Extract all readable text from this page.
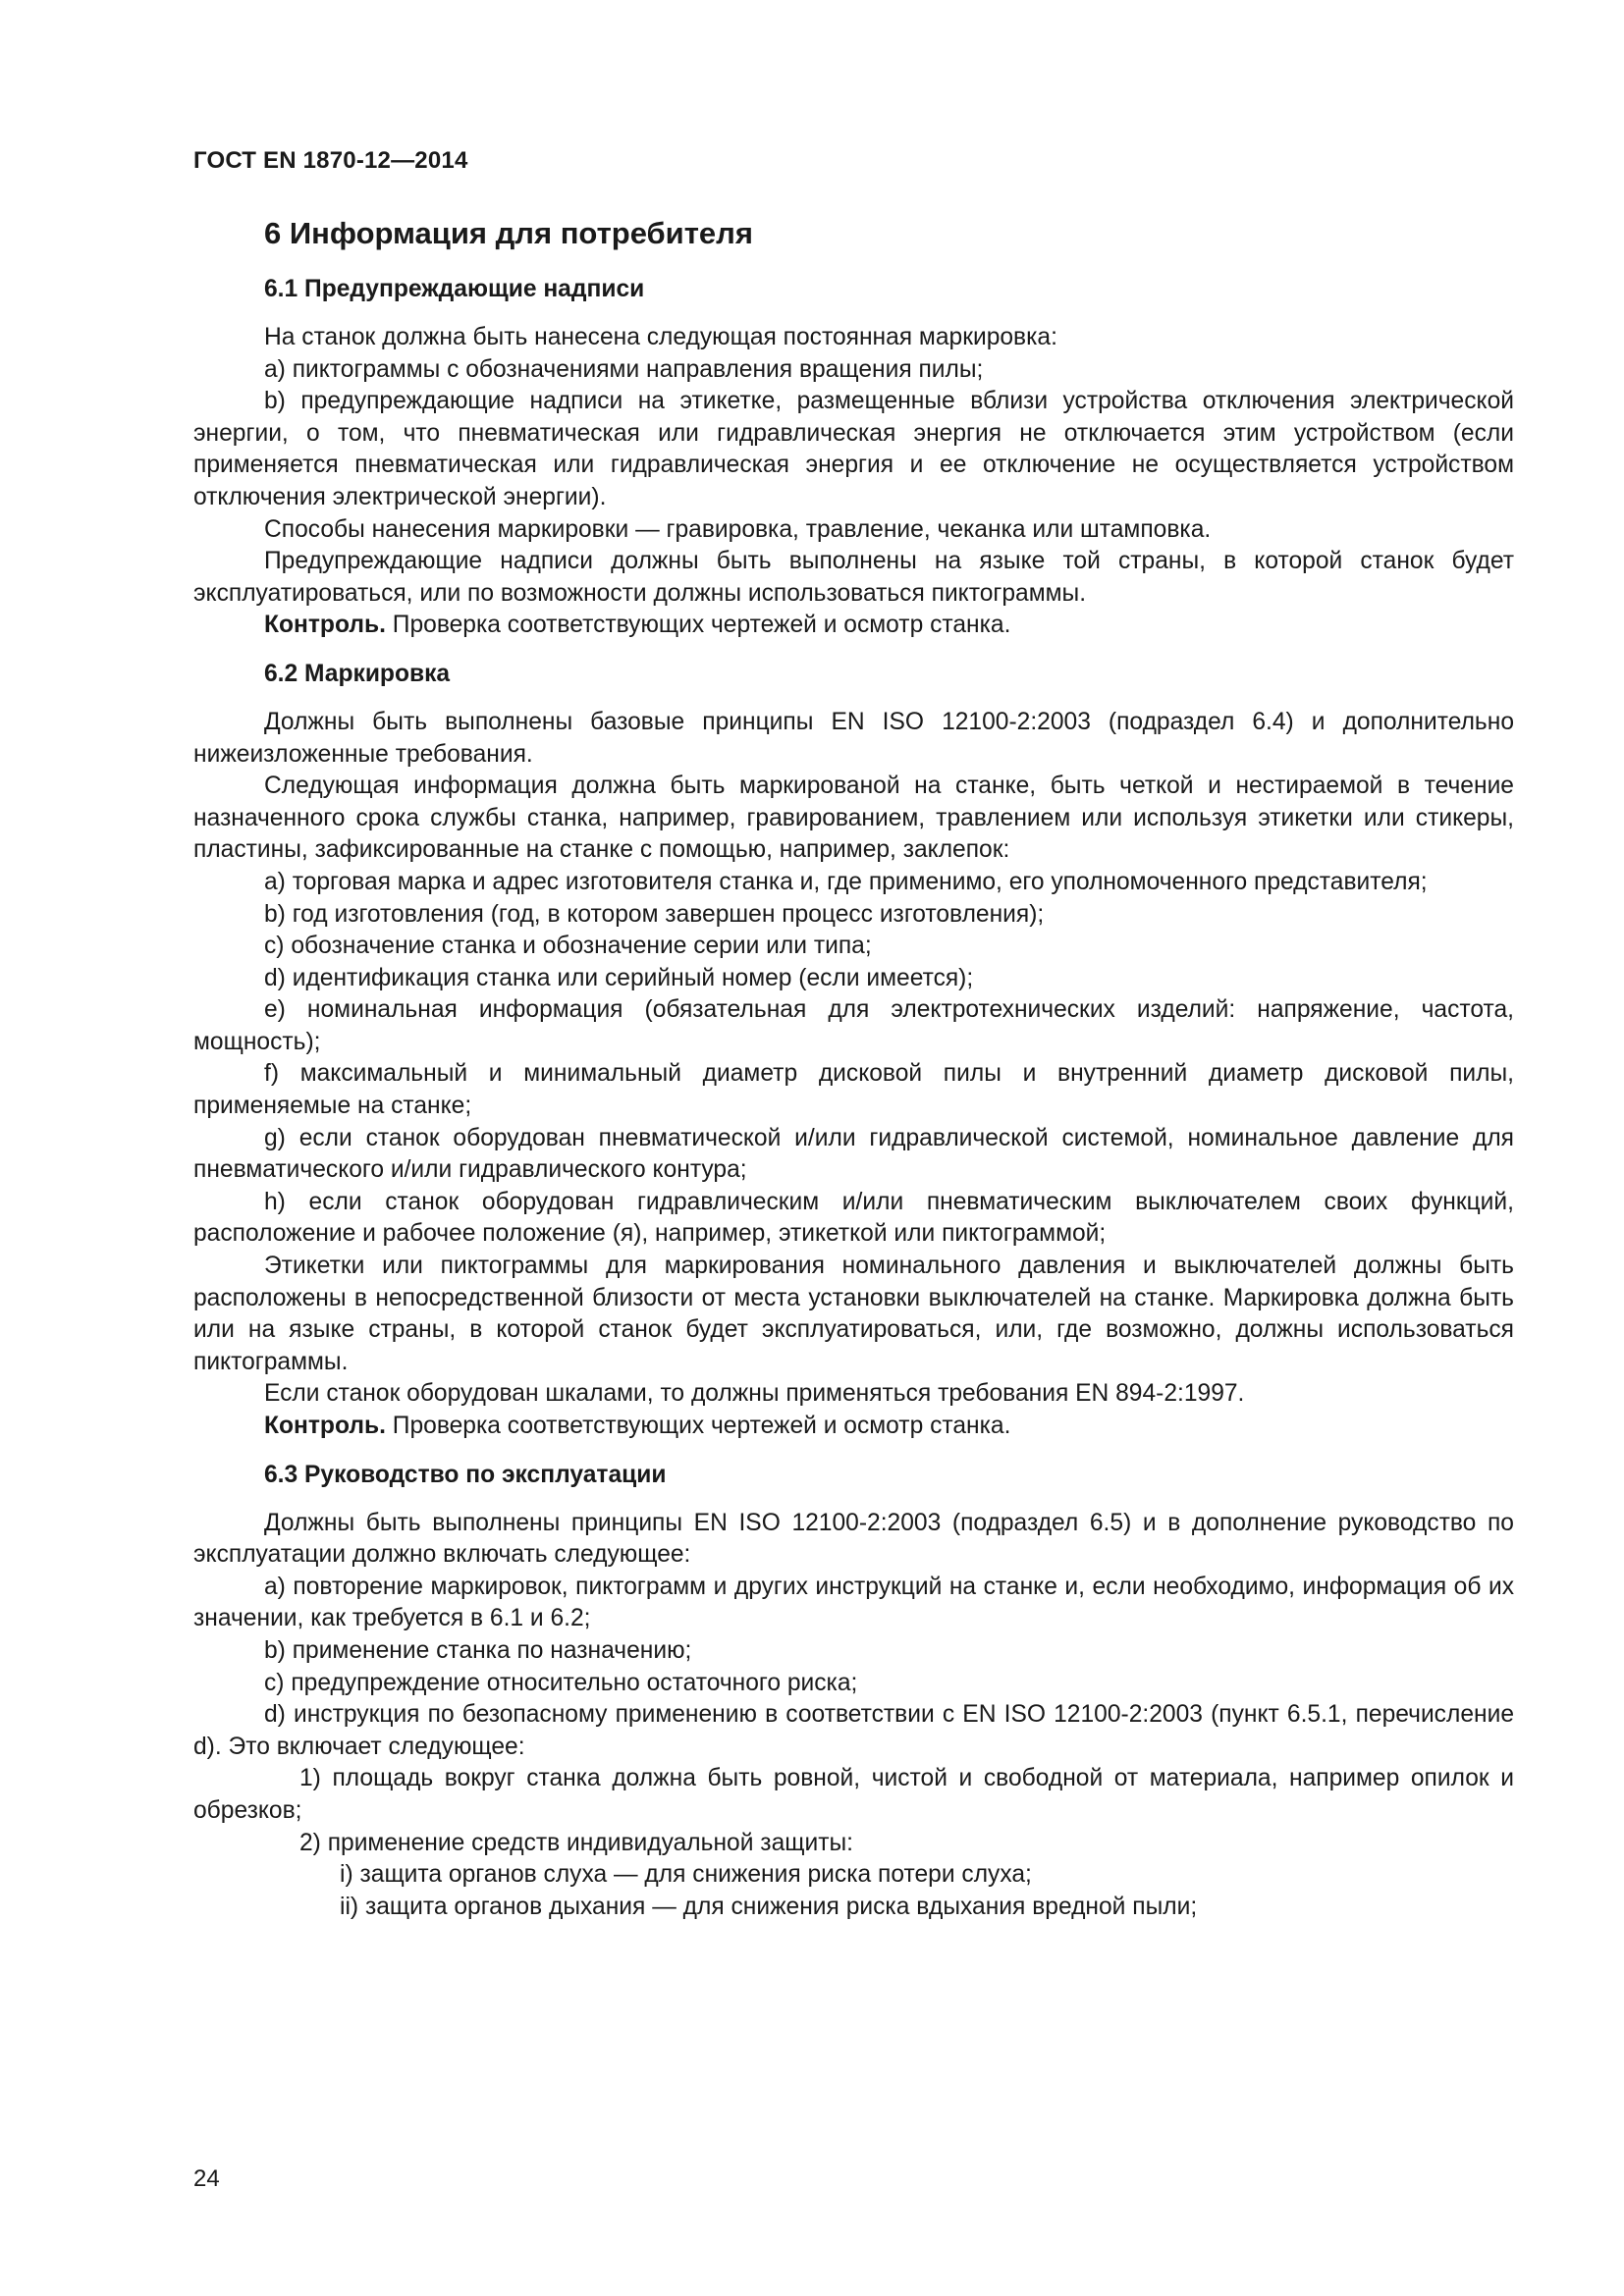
ГОСТ EN 1870-12—2014
6 Информация для потребителя
6.1 Предупреждающие надписи

На станок должна быть нанесена следующая постоянная маркировка:

а) пиктограммы с обозначениями направления вращения пилы;

b) предупреждающие надписи на этикетке, размещенные вблизи устройства отключения электрической энергии, о том, что пневматическая или гидравлическая энергия не отключается этим устройством (если применяется пневматическая или гидравлическая энергия и ее отключение не осуществляется устройством отключения электрической энергии).

Способы нанесения маркировки — гравировка, травление, чеканка или штамповка.

Предупреждающие надписи должны быть выполнены на языке той страны, в которой станок будет эксплуатироваться, или по возможности должны использоваться пиктограммы.

Контроль. Проверка соответствующих чертежей и осмотр станка.

6.2 Маркировка

Должны быть выполнены базовые принципы EN ISO 12100-2:2003 (подраздел 6.4) и дополнительно нижеизложенные требования.

Следующая информация должна быть маркированой на станке, быть четкой и нестираемой в течение назначенного срока службы станка, например, гравированием, травлением или используя этикетки или стикеры, пластины, зафиксированные на станке с помощью, например, заклепок:

а) торговая марка и адрес изготовителя станка и, где применимо, его уполномоченного представителя;

b) год изготовления (год, в котором завершен процесс изготовления);

с) обозначение станка и обозначение серии или типа;

d) идентификация станка или серийный номер (если имеется);

е) номинальная информация (обязательная для электротехнических изделий: напряжение, частота, мощность);

f) максимальный и минимальный диаметр дисковой пилы и внутренний диаметр дисковой пилы, применяемые на станке;

g) если станок оборудован пневматической и/или гидравлической системой, номинальное давление для пневматического и/или гидравлического контура;

h) если станок оборудован гидравлическим и/или пневматическим выключателем своих функций, расположение и рабочее положение (я), например, этикеткой или пиктограммой;

Этикетки или пиктограммы для маркирования номинального давления и выключателей должны быть расположены в непосредственной близости от места установки выключателей на станке. Маркировка должна быть или на языке страны, в которой станок будет эксплуатироваться, или, где возможно, должны использоваться пиктограммы.

Если станок оборудован шкалами, то должны применяться требования EN 894-2:1997.

Контроль. Проверка соответствующих чертежей и осмотр станка.

6.3 Руководство по эксплуатации

Должны быть выполнены принципы EN ISO 12100-2:2003 (подраздел 6.5) и в дополнение руководство по эксплуатации должно включать следующее:

а) повторение маркировок, пиктограмм и других инструкций на станке и, если необходимо, информация об их значении, как требуется в 6.1 и 6.2;

b) применение станка по назначению;

с) предупреждение относительно остаточного риска;

d) инструкция по безопасному применению в соответствии с EN ISO 12100-2:2003 (пункт 6.5.1, перечисление d). Это включает следующее:

1) площадь вокруг станка должна быть ровной, чистой и свободной от материала, например опилок и обрезков;

2) применение средств индивидуальной защиты:

i) защита органов слуха — для снижения риска потери слуха;

ii) защита органов дыхания — для снижения риска вдыхания вредной пыли;

24
